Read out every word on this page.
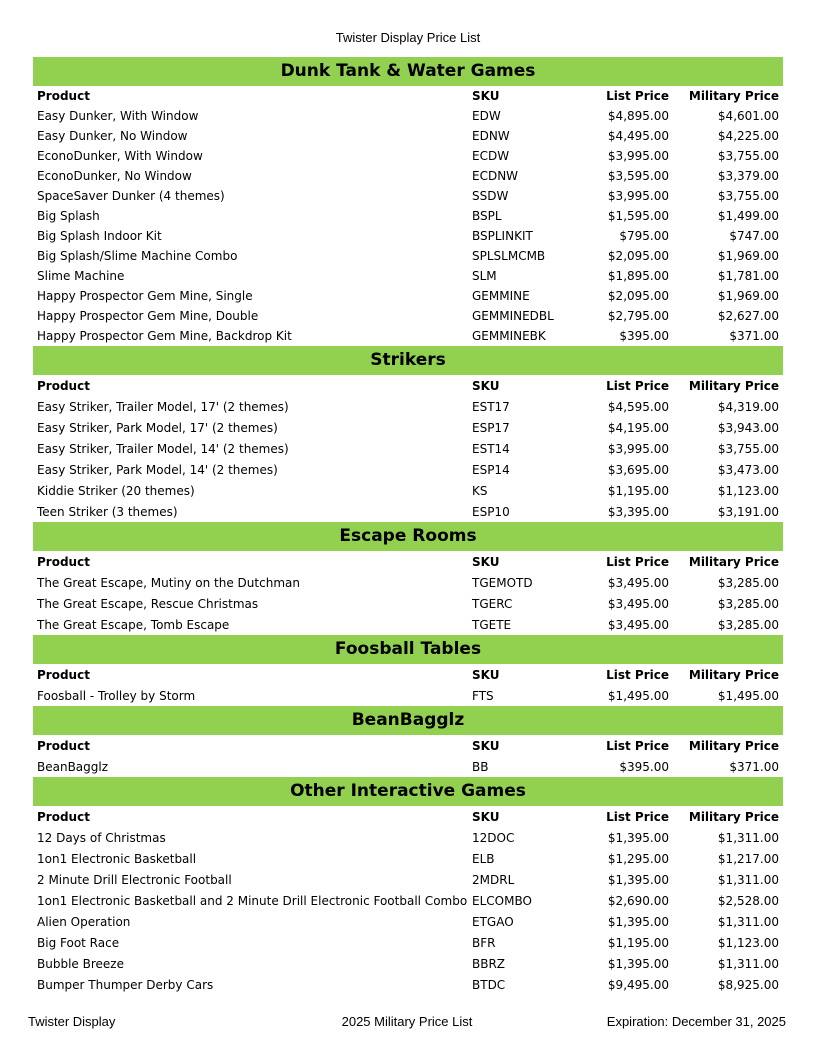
Twister Display Price List
Dunk Tank & Water Games
Product	SKU	List Price	Military Price
Easy Dunker, With Window	EDW	$4,895.00	$4,601.00
Easy Dunker, No Window	EDNW	$4,495.00	$4,225.00
EconoDunker, With Window	ECDW	$3,995.00	$3,755.00
EconoDunker, No Window	ECDNW	$3,595.00	$3,379.00
SpaceSaver Dunker (4 themes)	SSDW	$3,995.00	$3,755.00
Big Splash	BSPL	$1,595.00	$1,499.00
Big Splash Indoor Kit	BSPLINKIT	$795.00	$747.00
Big Splash/Slime Machine Combo	SPLSLMCMB	$2,095.00	$1,969.00
Slime Machine	SLM	$1,895.00	$1,781.00
Happy Prospector Gem Mine, Single	GEMMINE	$2,095.00	$1,969.00
Happy Prospector Gem Mine, Double	GEMMINEDBL	$2,795.00	$2,627.00
Happy Prospector Gem Mine, Backdrop Kit	GEMMINEBK	$395.00	$371.00
Strikers
Product	SKU	List Price	Military Price
Easy Striker, Trailer Model, 17' (2 themes)	EST17	$4,595.00	$4,319.00
Easy Striker, Park Model, 17' (2 themes)	ESP17	$4,195.00	$3,943.00
Easy Striker, Trailer Model, 14' (2 themes)	EST14	$3,995.00	$3,755.00
Easy Striker, Park Model, 14' (2 themes)	ESP14	$3,695.00	$3,473.00
Kiddie Striker (20 themes)	KS	$1,195.00	$1,123.00
Teen Striker (3 themes)	ESP10	$3,395.00	$3,191.00
Escape Rooms
Product	SKU	List Price	Military Price
The Great Escape, Mutiny on the Dutchman	TGEMOTD	$3,495.00	$3,285.00
The Great Escape, Rescue Christmas	TGERC	$3,495.00	$3,285.00
The Great Escape, Tomb Escape	TGETE	$3,495.00	$3,285.00
Foosball Tables
Product	SKU	List Price	Military Price
Foosball - Trolley by Storm	FTS	$1,495.00	$1,495.00
BeanBagglz
Product	SKU	List Price	Military Price
BeanBagglz	BB	$395.00	$371.00
Other Interactive Games
Product	SKU	List Price	Military Price
12 Days of Christmas	12DOC	$1,395.00	$1,311.00
1on1 Electronic Basketball	ELB	$1,295.00	$1,217.00
2 Minute Drill Electronic Football	2MDRL	$1,395.00	$1,311.00
1on1 Electronic Basketball and 2 Minute Drill Electronic Football Combo	ELCOMBO	$2,690.00	$2,528.00
Alien Operation	ETGAO	$1,395.00	$1,311.00
Big Foot Race	BFR	$1,195.00	$1,123.00
Bubble Breeze	BBRZ	$1,395.00	$1,311.00
Bumper Thumper Derby Cars	BTDC	$9,495.00	$8,925.00
Twister Display	2025 Military Price List	Expiration: December 31, 2025
